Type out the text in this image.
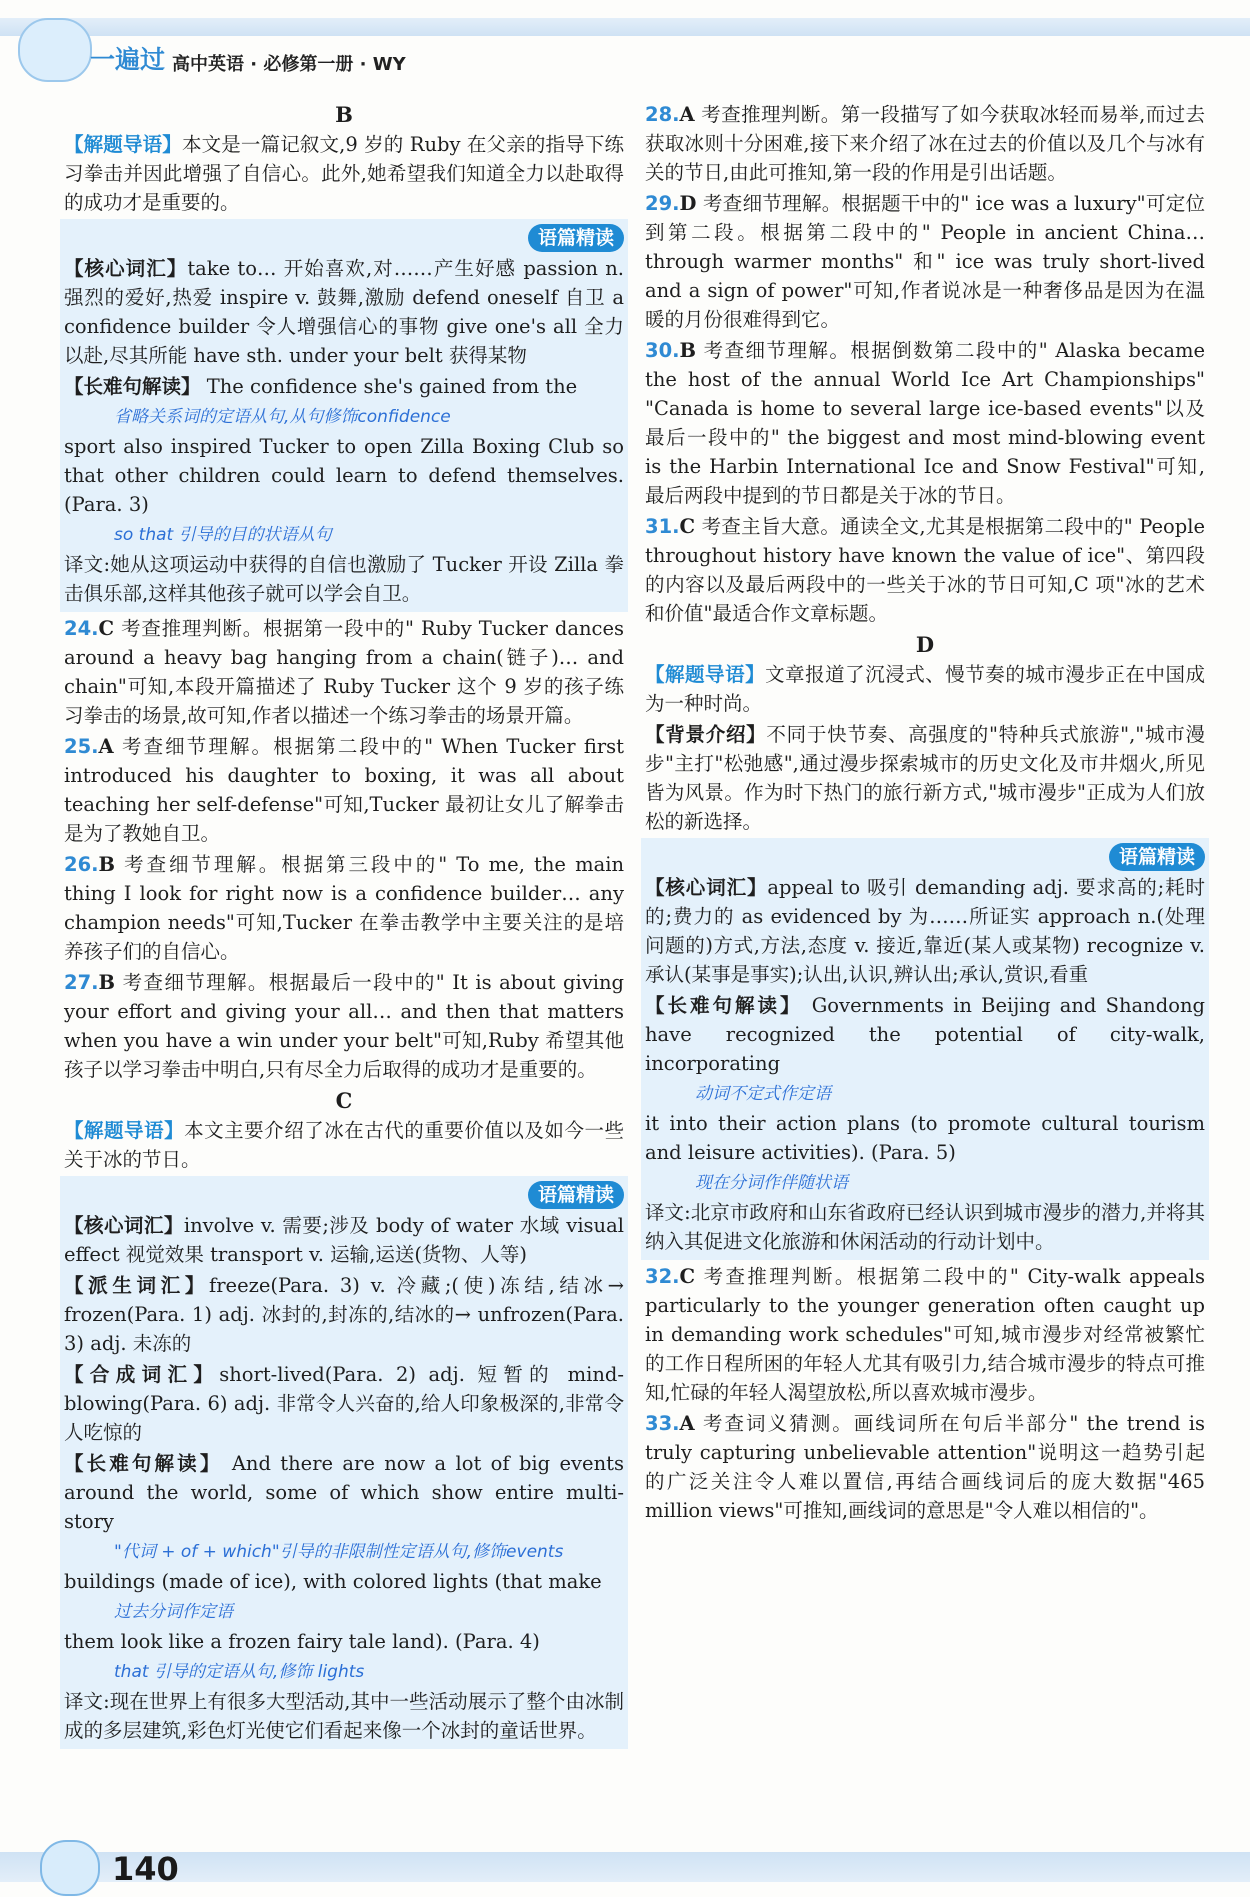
一遍过 高中英语 · 必修第一册 · WY

B

【解题导语】本文是一篇记叙文,9 岁的 Ruby 在父亲的指导下练习拳击并因此增强了自信心。此外,她希望我们知道全力以赴取得的成功才是重要的。

语篇精读

【核心词汇】take to… 开始喜欢,对……产生好感 passion n. 强烈的爱好,热爱 inspire v. 鼓舞,激励 defend oneself 自卫 a confidence builder 令人增强信心的事物 give one's all 全力以赴,尽其所能 have sth. under your belt 获得某物

【长难句解读】 The confidence she's gained from the

省略关系词的定语从句,从句修饰confidence

sport also inspired Tucker to open Zilla Boxing Club so that other children could learn to defend themselves. (Para. 3)

so that 引导的目的状语从句

译文:她从这项运动中获得的自信也激励了 Tucker 开设 Zilla 拳击俱乐部,这样其他孩子就可以学会自卫。

24.C 考查推理判断。根据第一段中的" Ruby Tucker dances around a heavy bag hanging from a chain(链子)… and chain"可知,本段开篇描述了 Ruby Tucker 这个 9 岁的孩子练习拳击的场景,故可知,作者以描述一个练习拳击的场景开篇。

25.A 考查细节理解。根据第二段中的" When Tucker first introduced his daughter to boxing, it was all about teaching her self-defense"可知,Tucker 最初让女儿了解拳击是为了教她自卫。

26.B 考查细节理解。根据第三段中的" To me, the main thing I look for right now is a confidence builder… any champion needs"可知,Tucker 在拳击教学中主要关注的是培养孩子们的自信心。

27.B 考查细节理解。根据最后一段中的" It is about giving your effort and giving your all… and then that matters when you have a win under your belt"可知,Ruby 希望其他孩子以学习拳击中明白,只有尽全力后取得的成功才是重要的。

C

【解题导语】本文主要介绍了冰在古代的重要价值以及如今一些关于冰的节日。

语篇精读

【核心词汇】involve v. 需要;涉及 body of water 水域 visual effect 视觉效果 transport v. 运输,运送(货物、人等)

【派生词汇】freeze(Para. 3) v. 冷藏;(使)冻结,结冰→ frozen(Para. 1) adj. 冰封的,封冻的,结冰的→ unfrozen(Para. 3) adj. 未冻的

【合成词汇】short-lived(Para. 2) adj. 短暂的 mind-blowing(Para. 6) adj. 非常令人兴奋的,给人印象极深的,非常令人吃惊的

【长难句解读】 And there are now a lot of big events around the world, some of which show entire multi-story

"代词 + of + which"引导的非限制性定语从句,修饰events

buildings (made of ice), with colored lights (that make

过去分词作定语

them look like a frozen fairy tale land). (Para. 4)

that 引导的定语从句,修饰 lights

译文:现在世界上有很多大型活动,其中一些活动展示了整个由冰制成的多层建筑,彩色灯光使它们看起来像一个冰封的童话世界。

28.A 考查推理判断。第一段描写了如今获取冰轻而易举,而过去获取冰则十分困难,接下来介绍了冰在过去的价值以及几个与冰有关的节日,由此可推知,第一段的作用是引出话题。

29.D 考查细节理解。根据题干中的" ice was a luxury"可定位到第二段。根据第二段中的" People in ancient China… through warmer months" 和" ice was truly short-lived and a sign of power"可知,作者说冰是一种奢侈品是因为在温暖的月份很难得到它。

30.B 考查细节理解。根据倒数第二段中的" Alaska became the host of the annual World Ice Art Championships" "Canada is home to several large ice-based events"以及最后一段中的" the biggest and most mind-blowing event is the Harbin International Ice and Snow Festival"可知,最后两段中提到的节日都是关于冰的节日。

31.C 考查主旨大意。通读全文,尤其是根据第二段中的" People throughout history have known the value of ice"、第四段的内容以及最后两段中的一些关于冰的节日可知,C 项"冰的艺术和价值"最适合作文章标题。

D

【解题导语】文章报道了沉浸式、慢节奏的城市漫步正在中国成为一种时尚。

【背景介绍】不同于快节奏、高强度的"特种兵式旅游","城市漫步"主打"松弛感",通过漫步探索城市的历史文化及市井烟火,所见皆为风景。作为时下热门的旅行新方式,"城市漫步"正成为人们放松的新选择。

语篇精读

【核心词汇】appeal to 吸引 demanding adj. 要求高的;耗时的;费力的 as evidenced by 为……所证实 approach n.(处理问题的)方式,方法,态度 v. 接近,靠近(某人或某物) recognize v. 承认(某事是事实);认出,认识,辨认出;承认,赏识,看重

【长难句解读】 Governments in Beijing and Shandong have recognized the potential of city-walk, incorporating

动词不定式作定语

it into their action plans (to promote cultural tourism and leisure activities). (Para. 5)

现在分词作伴随状语

译文:北京市政府和山东省政府已经认识到城市漫步的潜力,并将其纳入其促进文化旅游和休闲活动的行动计划中。

32.C 考查推理判断。根据第二段中的" City-walk appeals particularly to the younger generation often caught up in demanding work schedules"可知,城市漫步对经常被繁忙的工作日程所困的年轻人尤其有吸引力,结合城市漫步的特点可推知,忙碌的年轻人渴望放松,所以喜欢城市漫步。

33.A 考查词义猜测。画线词所在句后半部分" the trend is truly capturing unbelievable attention"说明这一趋势引起的广泛关注令人难以置信,再结合画线词后的庞大数据"465 million views"可推知,画线词的意思是"令人难以相信的"。

140
